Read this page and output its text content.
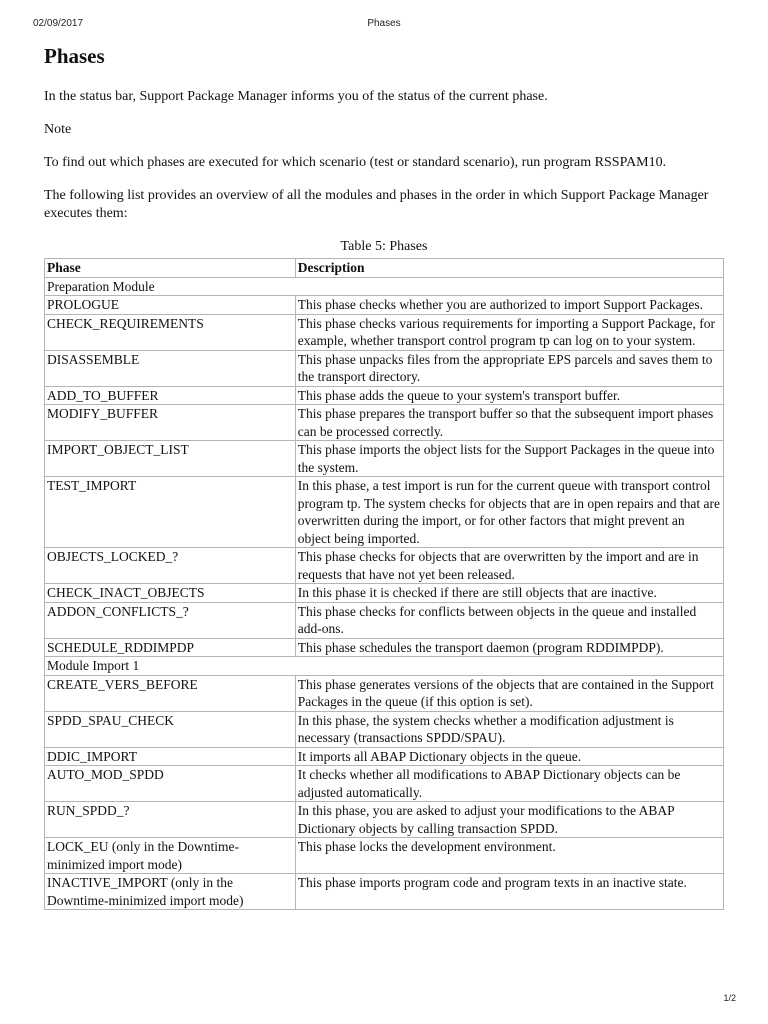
02/09/2017	Phases
Phases

In the status bar, Support Package Manager informs you of the status of the current phase.

Note

To find out which phases are executed for which scenario (test or standard scenario), run program RSSPAM10.

The following list provides an overview of all the modules and phases in the order in which Support Package Manager executes them:

Table 5: Phases
Phase	Description
Preparation Module	
PROLOGUE	This phase checks whether you are authorized to import Support Packages.
CHECK_REQUIREMENTS	This phase checks various requirements for importing a Support Package, for example, whether transport control program tp can log on to your system.
DISASSEMBLE	This phase unpacks files from the appropriate EPS parcels and saves them to the transport directory.
ADD_TO_BUFFER	This phase adds the queue to your system's transport buffer.
MODIFY_BUFFER	This phase prepares the transport buffer so that the subsequent import phases can be processed correctly.
IMPORT_OBJECT_LIST	This phase imports the object lists for the Support Packages in the queue into the system.
TEST_IMPORT	In this phase, a test import is run for the current queue with transport control program tp. The system checks for objects that are in open repairs and that are overwritten during the import, or for other factors that might prevent an object being imported.
OBJECTS_LOCKED_?	This phase checks for objects that are overwritten by the import and are in requests that have not yet been released.
CHECK_INACT_OBJECTS	In this phase it is checked if there are still objects that are inactive.
ADDON_CONFLICTS_?	This phase checks for conflicts between objects in the queue and installed add-ons.
SCHEDULE_RDDIMPDP	This phase schedules the transport daemon (program RDDIMPDP).
Module Import 1	
CREATE_VERS_BEFORE	This phase generates versions of the objects that are contained in the Support Packages in the queue (if this option is set).
SPDD_SPAU_CHECK	In this phase, the system checks whether a modification adjustment is necessary (transactions SPDD/SPAU).
DDIC_IMPORT	It imports all ABAP Dictionary objects in the queue.
AUTO_MOD_SPDD	It checks whether all modifications to ABAP Dictionary objects can be adjusted automatically.
RUN_SPDD_?	In this phase, you are asked to adjust your modifications to the ABAP Dictionary objects by calling transaction SPDD.
LOCK_EU (only in the Downtime-minimized import mode)	This phase locks the development environment.
INACTIVE_IMPORT (only in the Downtime-minimized import mode)	This phase imports program code and program texts in an inactive state.
1/2
